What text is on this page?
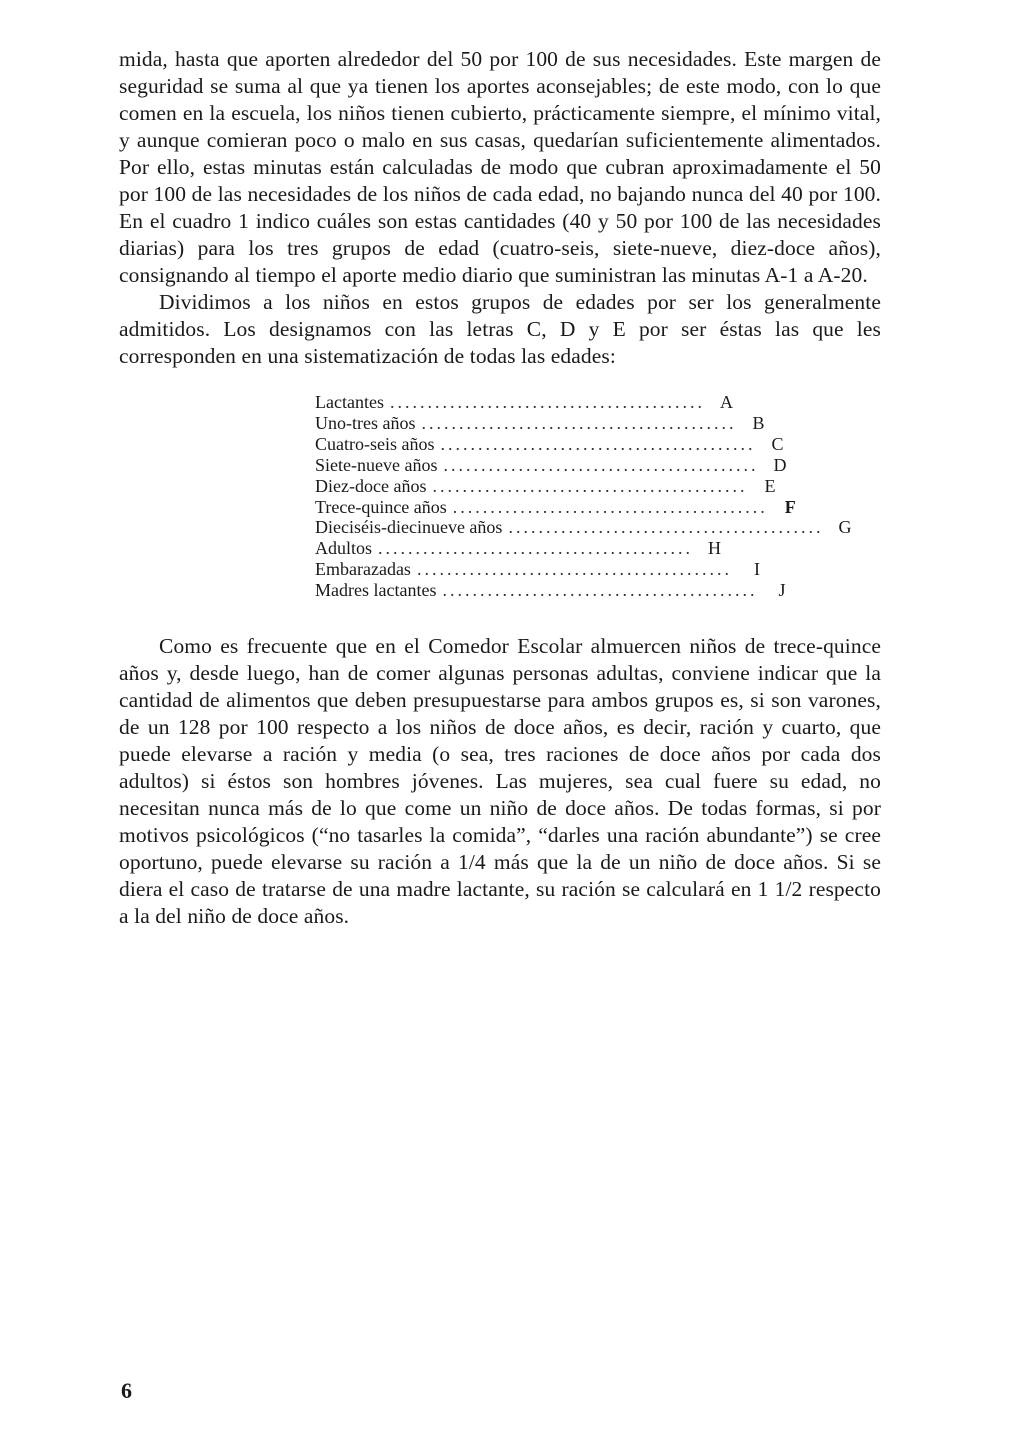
mida, hasta que aporten alrededor del 50 por 100 de sus necesidades. Este margen de seguridad se suma al que ya tienen los aportes aconsejables; de este modo, con lo que comen en la escuela, los niños tienen cubierto, prácticamente siempre, el mínimo vital, y aunque comieran poco o malo en sus casas, quedarían suficientemente alimentados. Por ello, estas minutas están calculadas de modo que cubran aproximadamente el 50 por 100 de las necesidades de los niños de cada edad, no bajando nunca del 40 por 100. En el cuadro 1 indico cuáles son estas cantidades (40 y 50 por 100 de las necesidades diarias) para los tres grupos de edad (cuatro-seis, siete-nueve, diez-doce años), consignando al tiempo el aporte medio diario que suministran las minutas A-1 a A-20.

Dividimos a los niños en estos grupos de edades por ser los generalmente admitidos. Los designamos con las letras C, D y E por ser éstas las que les corresponden en una sistematización de todas las edades:

Lactantes .......................................... A
Uno-tres años .......................................... B
Cuatro-seis años .......................................... C
Siete-nueve años .......................................... D
Diez-doce años .......................................... E
Trece-quince años .......................................... F
Dieciséis-diecinueve años .......................................... G
Adultos .......................................... H
Embarazadas ..........................................	I
Madres lactantes ..........................................	J

Como es frecuente que en el Comedor Escolar almuercen niños de trece-quince años y, desde luego, han de comer algunas personas adultas, conviene indicar que la cantidad de alimentos que deben presupuestarse para ambos grupos es, si son varones, de un 128 por 100 respecto a los niños de doce años, es decir, ración y cuarto, que puede elevarse a ración y media (o sea, tres raciones de doce años por cada dos adultos) si éstos son hombres jóvenes. Las mujeres, sea cual fuere su edad, no necesitan nunca más de lo que come un niño de doce años. De todas formas, si por motivos psicológicos (“no tasarles la comida”, “darles una ración abundante”) se cree oportuno, puede elevarse su ración a 1/4 más que la de un niño de doce años. Si se diera el caso de tratarse de una madre lactante, su ración se calculará en 1 1/2 respecto a la del niño de doce años.

6
